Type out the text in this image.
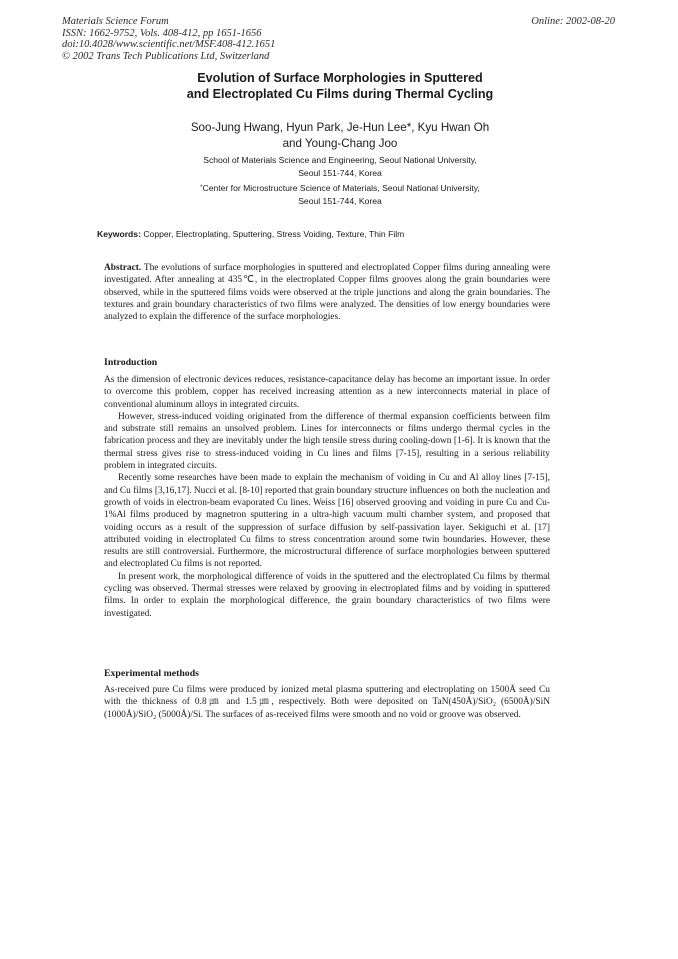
Materials Science Forum
ISSN: 1662-9752, Vols. 408-412, pp 1651-1656
doi:10.4028/www.scientific.net/MSF.408-412.1651
© 2002 Trans Tech Publications Ltd, Switzerland
Online: 2002-08-20
Evolution of Surface Morphologies in Sputtered
and Electroplated Cu Films during Thermal Cycling
Soo-Jung Hwang, Hyun Park, Je-Hun Lee*, Kyu Hwan Oh
and Young-Chang Joo
School of Materials Science and Engineering, Seoul National University,
Seoul 151-744, Korea
*Center for Microstructure Science of Materials, Seoul National University,
Seoul 151-744, Korea
Keywords: Copper, Electroplating, Sputtering, Stress Voiding, Texture, Thin Film
Abstract. The evolutions of surface morphologies in sputtered and electroplated Copper films during annealing were investigated. After annealing at 435℃, in the electroplated Copper films grooves along the grain boundaries were observed, while in the sputtered films voids were observed at the triple junctions and along the grain boundaries. The textures and grain boundary characteristics of two films were analyzed. The densities of low energy boundaries were analyzed to explain the difference of the surface morphologies.
Introduction

As the dimension of electronic devices reduces, resistance-capacitance delay has become an important issue. In order to overcome this problem, copper has received increasing attention as a new interconnects material in place of conventional aluminum alloys in integrated circuits.

However, stress-induced voiding originated from the difference of thermal expansion coefficients between film and substrate still remains an unsolved problem. Lines for interconnects or films undergo thermal cycles in the fabrication process and they are inevitably under the high tensile stress during cooling-down [1-6]. It is known that the thermal stress gives rise to stress-induced voiding in Cu lines and films [7-15], resulting in a serious reliability problem in integrated circuits.

Recently some researches have been made to explain the mechanism of voiding in Cu and Al alloy lines [7-15], and Cu films [3,16,17]. Nucci et al. [8-10] reported that grain boundary structure influences on both the nucleation and growth of voids in electron-beam evaporated Cu lines. Weiss [16] observed grooving and voiding in pure Cu and Cu-1%Al films produced by magnetron sputtering in a ultra-high vacuum multi chamber system, and proposed that voiding occurs as a result of the suppression of surface diffusion by self-passivation layer. Sekiguchi et al. [17] attributed voiding in electroplated Cu films to stress concentration around some twin boundaries. However, these results are still controversial. Furthermore, the microstructural difference of surface morphologies between sputtered and electroplated Cu films is not reported.

In present work, the morphological difference of voids in the sputtered and the electroplated Cu films by thermal cycling was observed. Thermal stresses were relaxed by grooving in electroplated films and by voiding in sputtered films. In order to explain the morphological difference, the grain boundary characteristics of two films were investigated.

Experimental methods

As-received pure Cu films were produced by ionized metal plasma sputtering and electroplating on 1500Å seed Cu with the thickness of 0.8㎛ and 1.5㎛, respectively. Both were deposited on TaN(450Å)/SiO₂ (6500Å)/SiN (1000Å)/SiO₂ (5000Å)/Si. The surfaces of as-received films were smooth and no void or groove was observed.
